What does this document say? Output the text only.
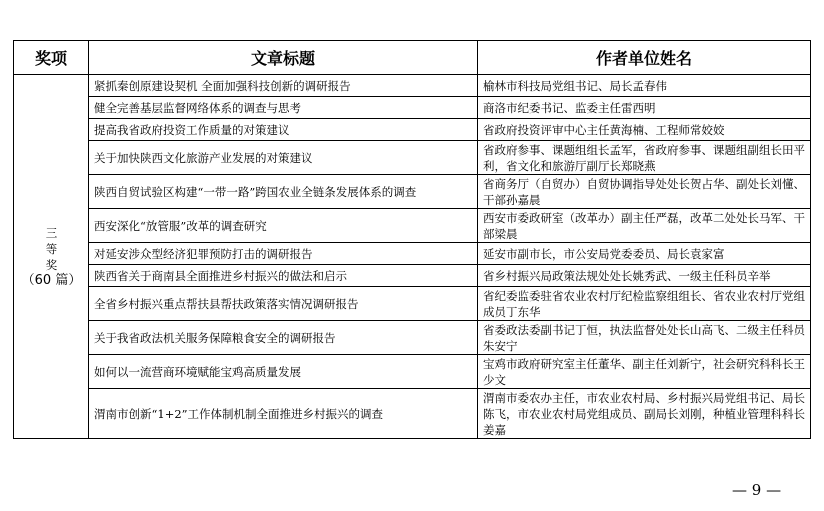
奖项	文章标题	作者单位姓名

三
等
奖
（60 篇）	紧抓秦创原建设契机 全面加强科技创新的调研报告	榆林市科技局党组书记、局长孟春伟
	健全完善基层监督网络体系的调查与思考	商洛市纪委书记、监委主任雷西明
	提高我省政府投资工作质量的对策建议	省政府投资评审中心主任黄海楠、工程师常姣姣
	关于加快陕西文化旅游产业发展的对策建议	省政府参事、课题组组长孟军，省政府参事、课题组副组长田平利，省文化和旅游厅副厅长郑晓燕
	陕西自贸试验区构建“一带一路”跨国农业全链条发展体系的调查	省商务厅（自贸办）自贸协调指导处处长贺占华、副处长刘懂、干部孙嘉晨
	西安深化“放管服”改革的调查研究	西安市委政研室（改革办）副主任严磊，改革二处处长马军、干部梁晨
	对延安涉众型经济犯罪预防打击的调研报告	延安市副市长，市公安局党委委员、局长袁家富
	陕西省关于商南县全面推进乡村振兴的做法和启示	省乡村振兴局政策法规处处长姚秀武、一级主任科员辛举
	全省乡村振兴重点帮扶县帮扶政策落实情况调研报告	省纪委监委驻省农业农村厅纪检监察组组长、省农业农村厅党组成员丁东华
	关于我省政法机关服务保障粮食安全的调研报告	省委政法委副书记丁恒，执法监督处处长山高飞、二级主任科员朱安宁
	如何以一流营商环境赋能宝鸡高质量发展	宝鸡市政府研究室主任董华、副主任刘新宁，社会研究科科长王少文
	渭南市创新“1+2”工作体制机制全面推进乡村振兴的调查	渭南市委农办主任，市农业农村局、乡村振兴局党组书记、局长陈飞，市农业农村局党组成员、副局长刘刚，种植业管理科科长姜嘉
— 9 —
